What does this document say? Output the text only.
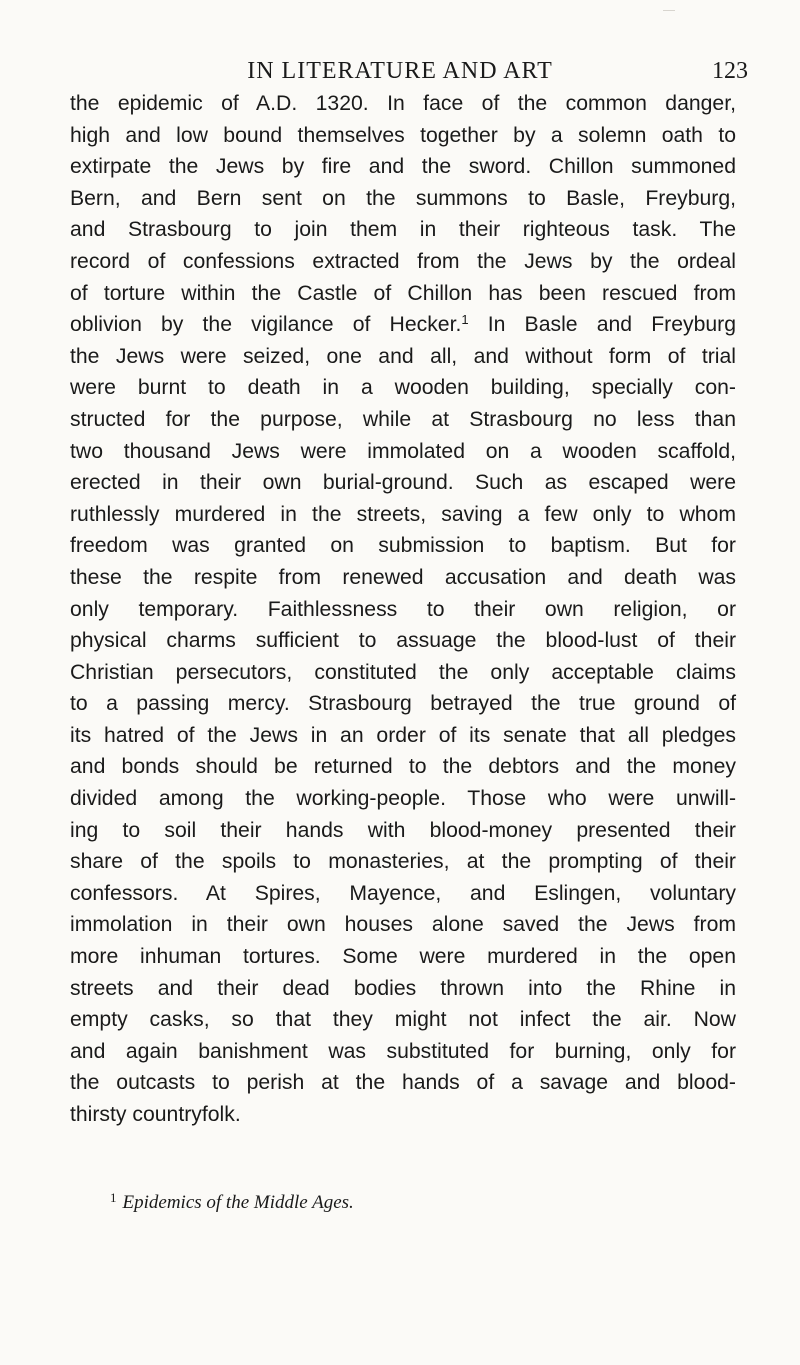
IN LITERATURE AND ART	123
the epidemic of A.D. 1320. In face of the common danger,
high and low bound themselves together by a solemn oath to
extirpate the Jews by fire and the sword. Chillon summoned
Bern, and Bern sent on the summons to Basle, Freyburg,
and Strasbourg to join them in their righteous task. The
record of confessions extracted from the Jews by the ordeal
of torture within the Castle of Chillon has been rescued from
oblivion by the vigilance of Hecker.$^1$ In Basle and Freyburg
the Jews were seized, one and all, and without form of trial
were burnt to death in a wooden building, specially con-
structed for the purpose, while at Strasbourg no less than
two thousand Jews were immolated on a wooden scaffold,
erected in their own burial-ground. Such as escaped were
ruthlessly murdered in the streets, saving a few only to whom
freedom was granted on submission to baptism. But for
these the respite from renewed accusation and death was
only temporary. Faithlessness to their own religion, or
physical charms sufficient to assuage the blood-lust of their
Christian persecutors, constituted the only acceptable claims
to a passing mercy. Strasbourg betrayed the true ground of
its hatred of the Jews in an order of its senate that all pledges
and bonds should be returned to the debtors and the money
divided among the working-people. Those who were unwill-
ing to soil their hands with blood-money presented their
share of the spoils to monasteries, at the prompting of their
confessors. At Spires, Mayence, and Eslingen, voluntary
immolation in their own houses alone saved the Jews from
more inhuman tortures. Some were murdered in the open
streets and their dead bodies thrown into the Rhine in
empty casks, so that they might not infect the air. Now
and again banishment was substituted for burning, only for
the outcasts to perish at the hands of a savage and blood-
thirsty countryfolk.
$^1$ Epidemics of the Middle Ages.
